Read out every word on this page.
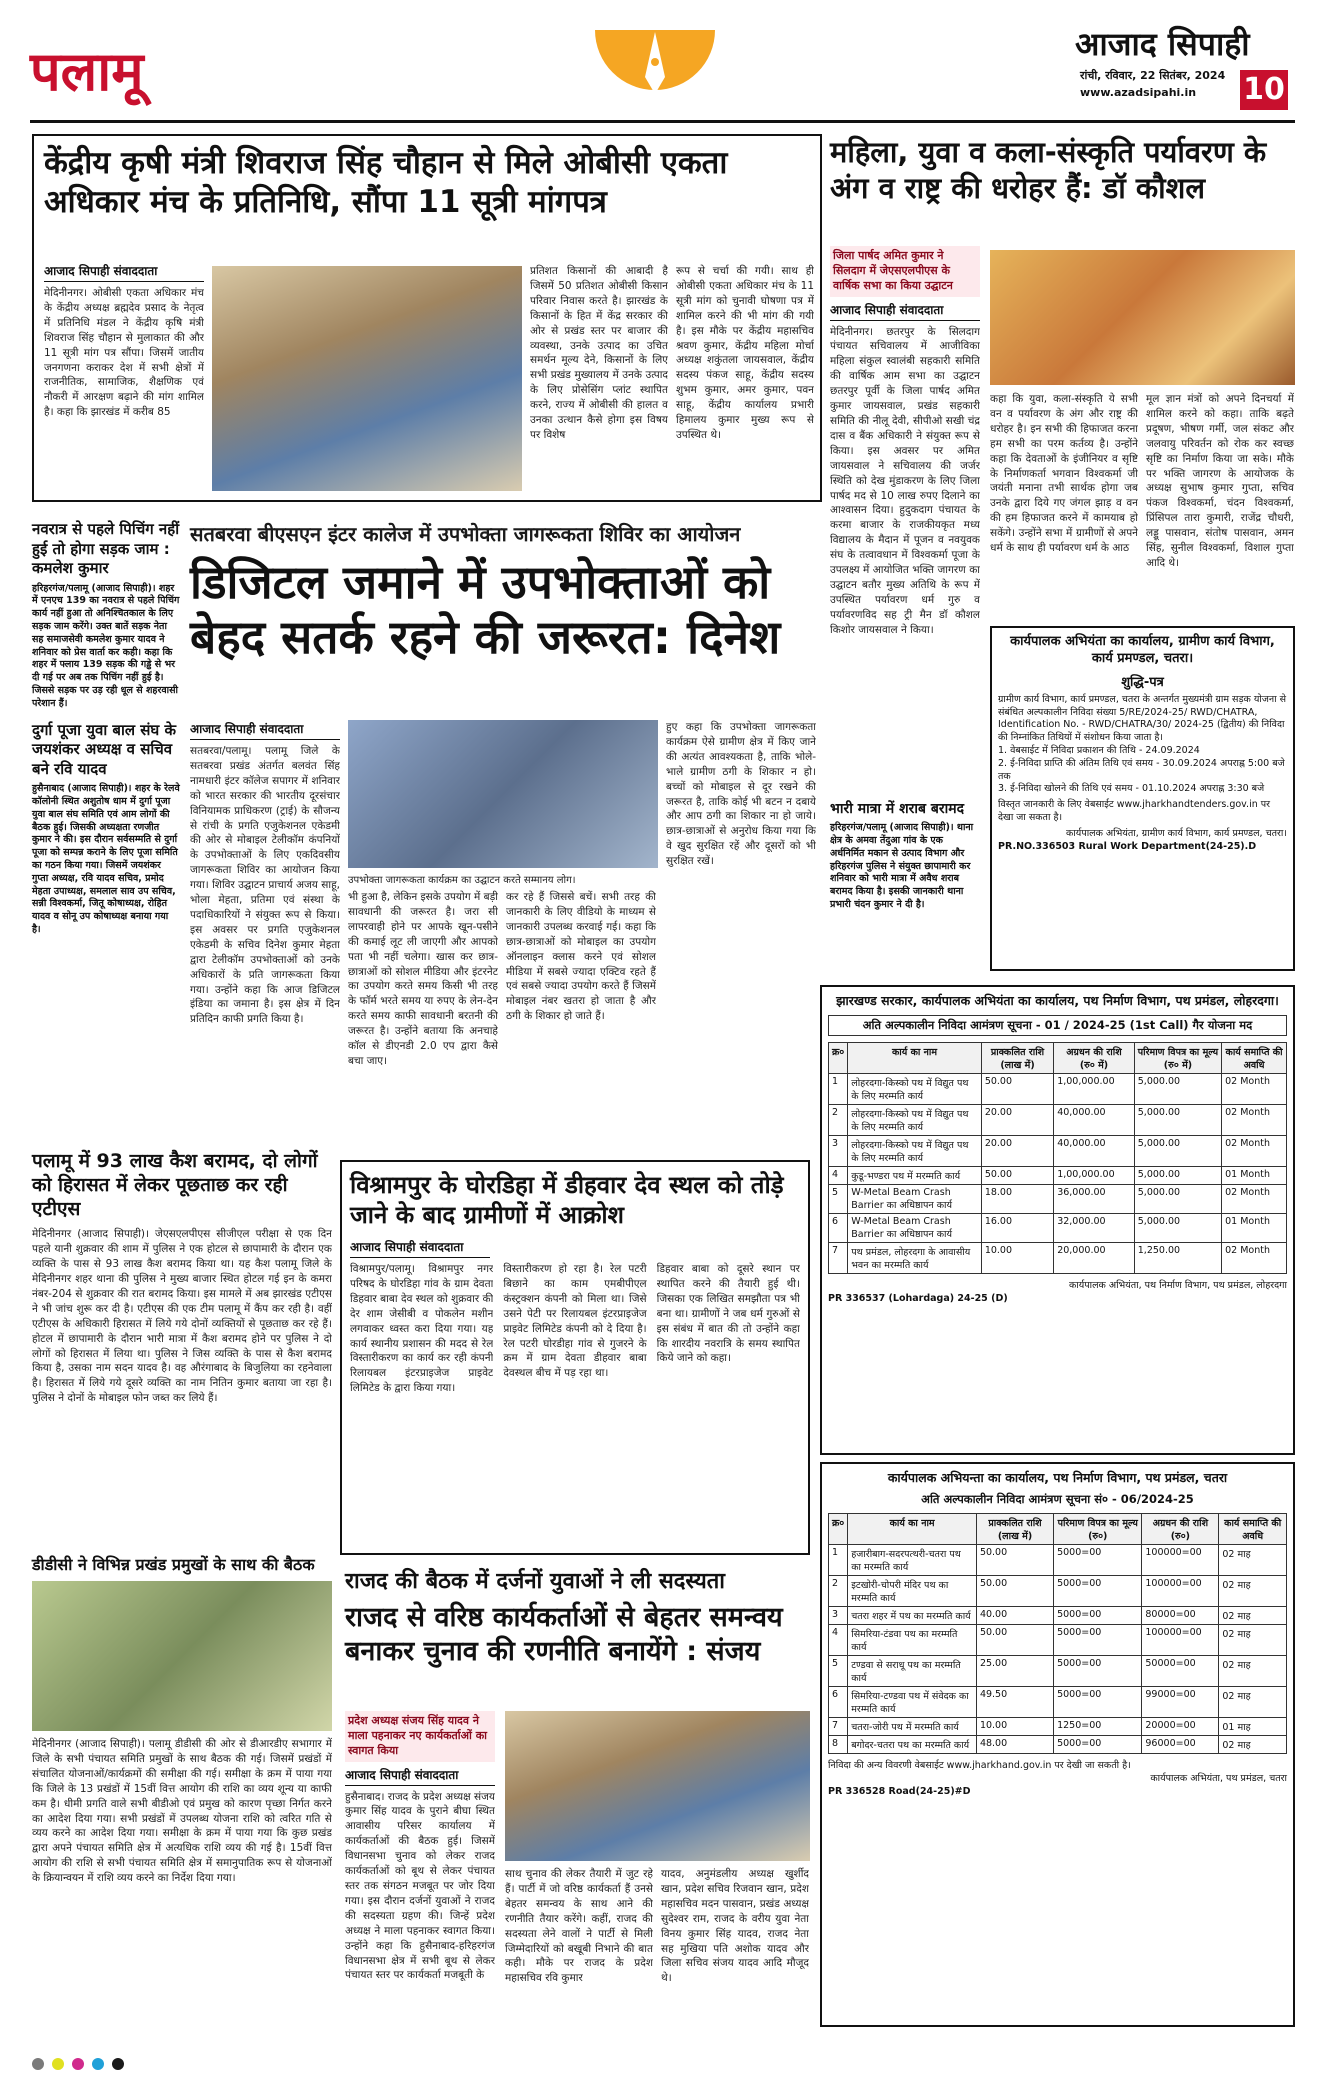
पलामू	आजाद सिपाही
रांची, रविवार, 22 सितंबर, 2024
www.azadsipahi.in 10
केंद्रीय कृषी मंत्री शिवराज सिंह चौहान से मिले ओबीसी एकता अधिकार मंच के प्रतिनिधि, सौंपा 11 सूत्री मांगपत्र
आजाद सिपाही संवाददाता
मेदिनीनगर। ओबीसी एकता अधिकार मंच के केंद्रीय अध्यक्ष ब्रह्मदेव प्रसाद के नेतृत्व में प्रतिनिधि मंडल ने केंद्रीय कृषि मंत्री शिवराज सिंह चौहान से मुलाकात की और 11 सूत्री मांग पत्र सौंपा। जिसमें जातीय जनगणना कराकर देश में सभी क्षेत्रों में राजनीतिक, सामाजिक, शैक्षणिक एवं नौकरी में आरक्षण बढ़ाने की मांग शामिल है। कहा कि झारखंड में करीब 85
प्रतिशत किसानों की आबादी है जिसमें 50 प्रतिशत ओबीसी किसान परिवार निवास करते है। झारखंड के किसानों के हित में केंद्र सरकार की ओर से प्रखंड स्तर पर बाजार की व्यवस्था, उनके उत्पाद का उचित समर्थन मूल्य देने, किसानों के लिए सभी प्रखंड मुख्यालय में उनके उत्पाद के लिए प्रोसेसिंग प्लांट स्थापित करने, राज्य में ओबीसी की हालत व उनका उत्थान कैसे होगा इस विषय पर विशेष
रूप से चर्चा की गयी। साथ ही ओबीसी एकता अधिकार मंच के 11 सूत्री मांग को चुनावी घोषणा पत्र में शामिल करने की भी मांग की गयी है। इस मौके पर केंद्रीय महासचिव श्रवण कुमार, केंद्रीय महिला मोर्चा अध्यक्ष शकुंतला जायसवाल, केंद्रीय सदस्य पंकज साहू, केंद्रीय सदस्य शुभम कुमार, अमर कुमार, पवन साहू, केंद्रीय कार्यालय प्रभारी हिमालय कुमार मुख्य रूप से उपस्थित थे।
महिला, युवा व कला-संस्कृति पर्यावरण के अंग व राष्ट्र की धरोहर हैं: डॉ कौशल
जिला पार्षद अमित कुमार ने सिलदाग में जेएसएलपीएस के वार्षिक सभा का किया उद्घाटन
आजाद सिपाही संवाददाता
मेदिनीनगर। छतरपुर के सिलदाग पंचायत सचिवालय में आजीविका महिला संकुल स्वालंबी सहकारी समिति की वार्षिक आम सभा का उद्घाटन छतरपुर पूर्वी के जिला पार्षद अमित कुमार जायसवाल, प्रखंड सहकारी समिति की नीलू देवी, सीपीओ सखी चंद्र दास व बैंक अधिकारी ने संयुक्त रूप से किया। इस अवसर पर अमित जायसवाल ने सचिवालय की जर्जर स्थिति को देख मुंडाकरण के लिए जिला पार्षद मद से 10 लाख रुपए दिलाने का आश्वासन दिया। हुदुकदाग पंचायत के करमा बाजार के राजकीयकृत मध्य विद्यालय के मैदान में पूजन व नवयुवक संघ के तत्वावधान में विश्वकर्मा पूजा के उपलक्ष्य में आयोजित भक्ति जागरण का उद्घाटन बतौर मुख्य अतिथि के रूप में उपस्थित पर्यावरण धर्म गुरु व पर्यावरणविद सह ट्री मैन डॉ कौशल किशोर जायसवाल ने किया।
कहा कि युवा, कला-संस्कृति ये सभी वन व पर्यावरण के अंग और राष्ट्र की धरोहर है। इन सभी की हिफाजत करना हम सभी का परम कर्तव्य है। उन्होंने कहा कि देवताओं के इंजीनियर व सृष्टि के निर्माणकर्ता भगवान विश्वकर्मा जी जयंती मनाना तभी सार्थक होगा जब उनके द्वारा दिये गए जंगल झाड़ व वन की हम हिफाजत करने में कामयाब हो सकेंगे। उन्होंने सभा में ग्रामीणों से अपने धर्म के साथ ही पर्यावरण धर्म के आठ
मूल ज्ञान मंत्रों को अपने दिनचर्या में शामिल करने को कहा। ताकि बढ़ते प्रदूषण, भीषण गर्मी, जल संकट और जलवायु परिवर्तन को रोक कर स्वच्छ सृष्टि का निर्माण किया जा सके। मौके पर भक्ति जागरण के आयोजक के अध्यक्ष सुभाष कुमार गुप्ता, सचिव पंकज विश्वकर्मा, चंदन विश्वकर्मा, प्रिंसिपल तारा कुमारी, राजेंद्र चौधरी, लड्डू पासवान, संतोष पासवान, अमन सिंह, सुनील विश्वकर्मा, विशाल गुप्ता आदि थे।
भारी मात्रा में शराब बरामद
हरिहरगंज/पलामू (आजाद सिपाही)। थाना क्षेत्र के अमवा तेंदुआ गांव के एक अर्धनिर्मित मकान से उत्पाद विभाग और हरिहरगंज पुलिस ने संयुक्त छापामारी कर शनिवार को भारी मात्रा में अवैध शराब बरामद किया है। इसकी जानकारी थाना प्रभारी चंदन कुमार ने दी है।
कार्यपालक अभियंता का कार्यालय, ग्रामीण कार्य विभाग, कार्य प्रमण्डल, चतरा।
शुद्धि-पत्र
ग्रामीण कार्य विभाग, कार्य प्रमण्डल, चतरा के अन्तर्गत मुख्यमंत्री ग्राम सड़क योजना से संबंधित अल्पकालीन निविदा संख्या 5/RE/2024-25/ RWD/CHATRA, Identification No. - RWD/CHATRA/30/ 2024-25 (द्वितीय) की निविदा की निम्नांकित तिथियों में संशोधन किया जाता है।
1. वेबसाईट में निविदा प्रकाशन की तिथि - 24.09.2024
2. ई-निविदा प्राप्ति की अंतिम तिथि एवं समय - 30.09.2024 अपराह्न 5:00 बजे तक
3. ई-निविदा खोलने की तिथि एवं समय - 01.10.2024 अपराह्न 3:30 बजे
विस्तृत जानकारी के लिए वेबसाईट www.jharkhandtenders.gov.in पर देखा जा सकता है।
कार्यपालक अभियंता, ग्रामीण कार्य विभाग, कार्य प्रमण्डल, चतरा।
PR.NO.336503 Rural Work Department(24-25).D
नवरात्र से पहले पिचिंग नहीं हुई तो होगा सड़क जाम : कमलेश कुमार
हरिहरगंज/पलामू (आजाद सिपाही)। शहर में एनएच 139 का नवरात्र से पहले पिचिंग कार्य नहीं हुआ तो अनिश्चितकाल के लिए सड़क जाम करेंगे। उक्त बातें सड़क नेता सह समाजसेवी कमलेश कुमार यादव ने शनिवार को प्रेस वार्ता कर कही। कहा कि शहर में फ्लाय 139 सड़क की गड्ढे से भर दी गई पर अब तक पिचिंग नहीं हुई है। जिससे सड़क पर उड़ रही धूल से शहरवासी परेशान हैं।
दुर्गा पूजा युवा बाल संघ के जयशंकर अध्यक्ष व सचिव बने रवि यादव
हुसैनाबाद (आजाद सिपाही)। शहर के रेलवे कॉलोनी स्थित अशुतोष धाम में दुर्गा पूजा युवा बाल संघ समिति एवं आम लोगों की बैठक हुई। जिसकी अध्यक्षता रणजीत कुमार ने की। इस दौरान सर्वसम्मति से दुर्गा पूजा को सम्पन्न कराने के लिए पूजा समिति का गठन किया गया। जिसमें जयशंकर गुप्ता अध्यक्ष, रवि यादव सचिव, प्रमोद मेहता उपाध्यक्ष, समलाल साव उप सचिव, सन्नी विश्वकर्मा, जितू कोषाध्यक्ष, रोहित यादव व सोनू उप कोषाध्यक्ष बनाया गया है।
सतबरवा बीएसएन इंटर कालेज में उपभोक्ता जागरूकता शिविर का आयोजन
डिजिटल जमाने में उपभोक्ताओं को बेहद सतर्क रहने की जरूरत: दिनेश
आजाद सिपाही संवाददाता
सतबरवा/पलामू। पलामू जिले के सतबरवा प्रखंड अंतर्गत बलवंत सिंह नामधारी इंटर कॉलेज सपागर में शनिवार को भारत सरकार की भारतीय दूरसंचार विनियामक प्राधिकरण (ट्राई) के सौजन्य से रांची के प्रगति एजुकेशनल एकेडमी की ओर से मोबाइल टेलीकॉम कंपनियों के उपभोक्ताओं के लिए एकदिवसीय जागरूकता शिविर का आयोजन किया गया। शिविर उद्घाटन प्राचार्य अजय साहू, भोला मेहता, प्रतिमा एवं संस्था के पदाधिकारियों ने संयुक्त रूप से किया। इस अवसर पर प्रगति एजुकेशनल एकेडमी के सचिव दिनेश कुमार मेहता द्वारा टेलीकॉम उपभोक्ताओं को उनके अधिकारों के प्रति जागरूकता किया गया। उन्होंने कहा कि आज डिजिटल इंडिया का जमाना है। इस क्षेत्र में दिन प्रतिदिन काफी प्रगति किया है।
उपभोक्ता जागरूकता कार्यक्रम का उद्घाटन करते सम्मानय लोग।
भी हुआ है, लेकिन इसके उपयोग में बड़ी सावधानी की जरूरत है। जरा सी लापरवाही होने पर आपके खून-पसीने की कमाई लूट ली जाएगी और आपको पता भी नहीं चलेगा। खास कर छात्र-छात्राओं को सोशल मीडिया और इंटरनेट का उपयोग करते समय किसी भी तरह के फॉर्म भरते समय या रुपए के लेन-देन करते समय काफी सावधानी बरतनी की जरूरत है। उन्होंने बताया कि अनचाहे कॉल से डीएनडी 2.0 एप द्वारा कैसे बचा जाए।
कर रहे हैं जिससे बचें। सभी तरह की जानकारी के लिए वीडियो के माध्यम से जानकारी उपलब्ध करवाई गई। कहा कि छात्र-छात्राओं को मोबाइल का उपयोग ऑनलाइन क्लास करने एवं सोशल मीडिया में सबसे ज्यादा एक्टिव रहते हैं एवं सबसे ज्यादा उपयोग करते हैं जिसमें मोबाइल नंबर खतरा हो जाता है और ठगी के शिकार हो जाते हैं।
हुए कहा कि उपभोक्ता जागरूकता कार्यक्रम ऐसे ग्रामीण क्षेत्र में किए जाने की अत्यंत आवश्यकता है, ताकि भोले-भाले ग्रामीण ठगी के शिकार न हो। बच्चों को मोबाइल से दूर रखने की जरूरत है, ताकि कोई भी बटन न दबाये और आप ठगी का शिकार ना हो जाये। छात्र-छात्राओं से अनुरोध किया गया कि वे खुद सुरक्षित रहें और दूसरों को भी सुरक्षित रखें।
झारखण्ड सरकार, कार्यपालक अभियंता का कार्यालय, पथ निर्माण विभाग, पथ प्रमंडल, लोहरदगा।
अति अल्पकालीन निविदा आमंत्रण सूचना - 01 / 2024-25 (1st Call) गैर योजना मद
क्र०	कार्य का नाम	प्राक्कलित राशि (लाख में)	अग्रधन की राशि (रु० में)	परिमाण विपत्र का मूल्य (रु० में)	कार्य समाप्ति की अवधि
1	लोहरदगा-किस्को पथ में विद्युत पथ के लिए मरम्मति कार्य	50.00	1,00,000.00	5,000.00	02 Month
2	लोहरदगा-किस्को पथ में विद्युत पथ के लिए मरम्मति कार्य	20.00	40,000.00	5,000.00	02 Month
3	लोहरदगा-किस्को पथ में विद्युत पथ के लिए मरम्मति कार्य	20.00	40,000.00	5,000.00	02 Month
4	कुडू-भण्डरा पथ में मरम्मति कार्य	50.00	1,00,000.00	5,000.00	01 Month
5	W-Metal Beam Crash Barrier का अधिष्ठापन कार्य	18.00	36,000.00	5,000.00	02 Month
6	W-Metal Beam Crash Barrier का अधिष्ठापन कार्य	16.00	32,000.00	5,000.00	01 Month
7	पथ प्रमंडल, लोहरदगा के आवासीय भवन का मरम्मति कार्य	10.00	20,000.00	1,250.00	02 Month
कार्यपालक अभियंता, पथ निर्माण विभाग, पथ प्रमंडल, लोहरदगा
PR 336537 (Lohardaga) 24-25 (D)
पलामू में 93 लाख कैश बरामद, दो लोगों को हिरासत में लेकर पूछताछ कर रही एटीएस
मेदिनीनगर (आजाद सिपाही)। जेएसएलपीएस सीजीएल परीक्षा से एक दिन पहले यानी शुक्रवार की शाम में पुलिस ने एक होटल से छापामारी के दौरान एक व्यक्ति के पास से 93 लाख कैश बरामद किया था। यह कैश पलामू जिले के मेदिनीनगर शहर थाना की पुलिस ने मुख्य बाजार स्थित होटल गई इन के कमरा नंबर-204 से शुक्रवार की रात बरामद किया। इस मामले में अब झारखंड एटीएस ने भी जांच शुरू कर दी है। एटीएस की एक टीम पलामू में कैंप कर रही है। वहीं एटीएस के अधिकारी हिरासत में लिये गये दोनों व्यक्तियों से पूछताछ कर रहे हैं। होटल में छापामारी के दौरान भारी मात्रा में कैश बरामद होने पर पुलिस ने दो लोगों को हिरासत में लिया था। पुलिस ने जिस व्यक्ति के पास से कैश बरामद किया है, उसका नाम सदन यादव है। वह औरंगाबाद के बिजुलिया का रहनेवाला है। हिरासत में लिये गये दूसरे व्यक्ति का नाम नितिन कुमार बताया जा रहा है। पुलिस ने दोनों के मोबाइल फोन जब्त कर लिये हैं।
विश्रामपुर के घोरडिहा में डीहवार देव स्थल को तोड़े जाने के बाद ग्रामीणों में आक्रोश
आजाद सिपाही संवाददाता
विश्रामपुर/पलामू। विश्रामपुर नगर परिषद के घोरडिहा गांव के ग्राम देवता डिहवार बाबा देव स्थल को शुक्रवार की देर शाम जेसीबी व पोकलेन मशीन लगवाकर ध्वस्त करा दिया गया। यह कार्य स्थानीय प्रशासन की मदद से रेल विस्तारीकरण का कार्य कर रही कंपनी रिलायबल इंटरप्राइजेज प्राइवेट लिमिटेड के द्वारा किया गया।
विस्तारीकरण हो रहा है। रेल पटरी बिछाने का काम एमबीपीएल कंस्ट्रक्शन कंपनी को मिला था। जिसे उसने पेटी पर रिलायबल इंटरप्राइजेज प्राइवेट लिमिटेड कंपनी को दे दिया है। रेल पटरी घोरडीहा गांव से गुजरने के क्रम में ग्राम देवता डीहवार बाबा देवस्थल बीच में पड़ रहा था।
डिहवार बाबा को दूसरे स्थान पर स्थापित करने की तैयारी हुई थी। जिसका एक लिखित समझौता पत्र भी बना था। ग्रामीणों ने जब धर्म गुरुओं से इस संबंध में बात की तो उन्होंने कहा कि शारदीय नवरात्रि के समय स्थापित किये जाने को कहा।
डीडीसी ने विभिन्न प्रखंड प्रमुखों के साथ की बैठक
मेदिनीनगर (आजाद सिपाही)। पलामू डीडीसी की ओर से डीआरडीए सभागार में जिले के सभी पंचायत समिति प्रमुखों के साथ बैठक की गई। जिसमें प्रखंडों में संचालित योजनाओं/कार्यक्रमों की समीक्षा की गई। समीक्षा के क्रम में पाया गया कि जिले के 13 प्रखंडों में 15वीं वित्त आयोग की राशि का व्यय शून्य या काफी कम है। धीमी प्रगति वाले सभी बीडीओ एवं प्रमुख को कारण पृच्छा निर्गत करने का आदेश दिया गया। सभी प्रखंडों में उपलब्ध योजना राशि को त्वरित गति से व्यय करने का आदेश दिया गया। समीक्षा के क्रम में पाया गया कि कुछ प्रखंड द्वारा अपने पंचायत समिति क्षेत्र में अत्यधिक राशि व्यय की गई है। 15वीं वित्त आयोग की राशि से सभी पंचायत समिति क्षेत्र में समानुपातिक रूप से योजनाओं के क्रियान्वयन में राशि व्यय करने का निर्देश दिया गया।
राजद की बैठक में दर्जनों युवाओं ने ली सदस्यता
राजद से वरिष्ठ कार्यकर्ताओं से बेहतर समन्वय बनाकर चुनाव की रणनीति बनायेंगे : संजय
प्रदेश अध्यक्ष संजय सिंह यादव ने माला पहनाकर नए कार्यकर्ताओं का स्वागत किया
आजाद सिपाही संवाददाता
हुसैनाबाद। राजद के प्रदेश अध्यक्ष संजय कुमार सिंह यादव के पुराने बीघा स्थित आवासीय परिसर कार्यालय में कार्यकर्ताओं की बैठक हुई। जिसमें विधानसभा चुनाव को लेकर राजद कार्यकर्ताओं को बूथ से लेकर पंचायत स्तर तक संगठन मजबूत पर जोर दिया गया। इस दौरान दर्जनों युवाओं ने राजद की सदस्यता ग्रहण की। जिन्हें प्रदेश अध्यक्ष ने माला पहनाकर स्वागत किया। उन्होंने कहा कि हुसैनाबाद-हरिहरगंज विधानसभा क्षेत्र में सभी बूथ से लेकर पंचायत स्तर पर कार्यकर्ता मजबूती के
साथ चुनाव की लेकर तैयारी में जुट रहे हैं। पार्टी में जो वरिष्ठ कार्यकर्ता हैं उनसे बेहतर समन्वय के साथ आने की रणनीति तैयार करेंगे। कहीं, राजद की सदस्यता लेने वालों ने पार्टी से मिली जिम्मेदारियों को बखूबी निभाने की बात कही। मौके पर राजद के प्रदेश महासचिव रवि कुमार
यादव, अनुमंडलीय अध्यक्ष खुर्शीद खान, प्रदेश सचिव रिजवान खान, प्रदेश महासचिव मदन पासवान, प्रखंड अध्यक्ष सुदेश्वर राम, राजद के वरीय युवा नेता विनय कुमार सिंह यादव, राजद नेता सह मुखिया पति अशोक यादव और जिला सचिव संजय यादव आदि मौजूद थे।
कार्यपालक अभियन्ता का कार्यालय, पथ निर्माण विभाग, पथ प्रमंडल, चतरा
अति अल्पकालीन निविदा आमंत्रण सूचना सं० - 06/2024-25
क्र०	कार्य का नाम	प्राक्कलित राशि (लाख में)	परिमाण विपत्र का मूल्य (रु०)	अग्रधन की राशि (रु०)	कार्य समाप्ति की अवधि
1	हजारीबाग-सदरपत्थरी-चतरा पथ का मरम्मति कार्य	50.00	5000=00	100000=00	02 माह
2	इटखोरी-चोपरी मंदिर पथ का मरम्मति कार्य	50.00	5000=00	100000=00	02 माह
3	चतरा शहर में पथ का मरम्मति कार्य	40.00	5000=00	80000=00	02 माह
4	सिमरिया-टंडवा पथ का मरम्मति कार्य	50.00	5000=00	100000=00	02 माह
5	टण्डवा से सराधू पथ का मरम्मति कार्य	25.00	5000=00	50000=00	02 माह
6	सिमरिया-टण्डवा पथ में संवेदक का मरम्मति कार्य	49.50	5000=00	99000=00	02 माह
7	चतरा-जोरी पथ में मरम्मति कार्य	10.00	1250=00	20000=00	01 माह
8	बगोदर-चतरा पथ का मरम्मति कार्य	48.00	5000=00	96000=00	02 माह
निविदा की अन्य विवरणी वेबसाईट www.jharkhand.gov.in पर देखी जा सकती है।
कार्यपालक अभियंता, पथ प्रमंडल, चतरा
PR 336528 Road(24-25)#D
